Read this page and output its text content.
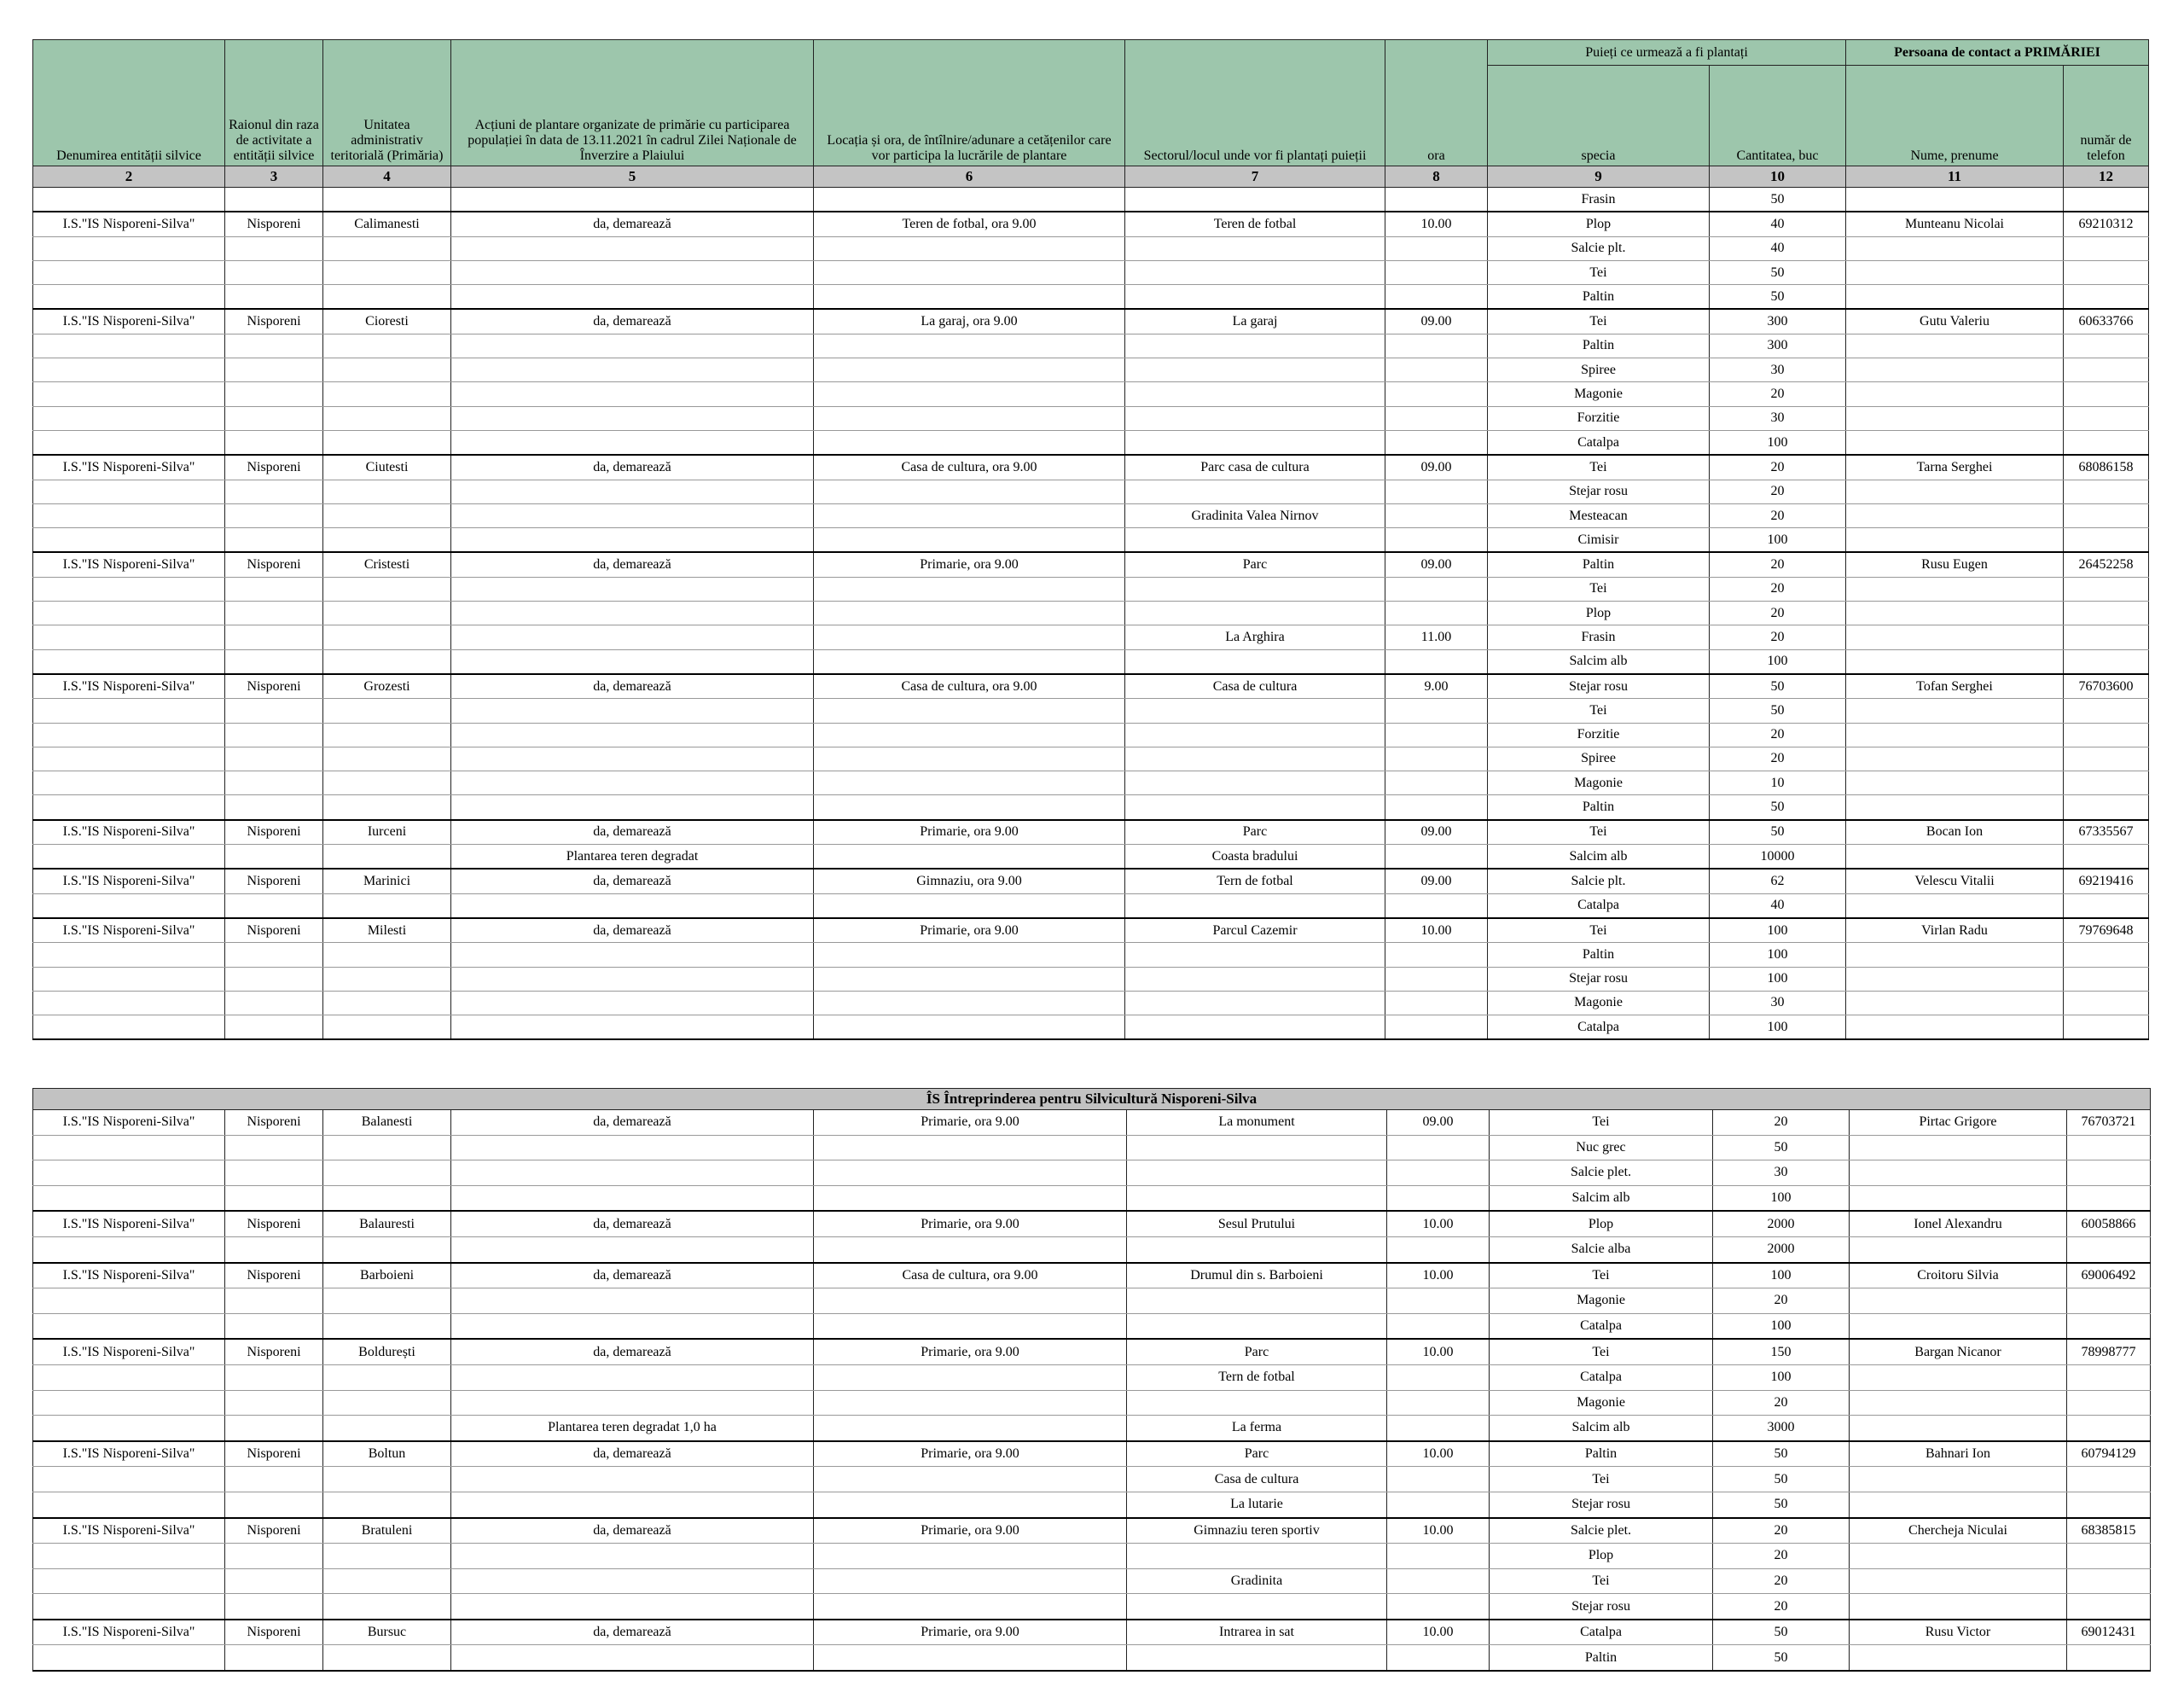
Denumirea entității silvice	Raionul din raza de activitate a entității silvice	Unitatea administrativ teritorială (Primăria)	Acțiuni de plantare organizate de primărie cu participarea populației în data de 13.11.2021 în cadrul Zilei Naționale de Înverzire a Plaiului	Locația și ora, de întîlnire/adunare a cetățenilor care vor participa la lucrările de plantare	Sectorul/locul unde vor fi plantați puieții	ora	Puieți ce urmează a fi plantați		Persoana de contact a PRIMĂRIEI	
							specia	Cantitatea, buc	Nume, prenume	număr de telefon
2	3	4	5	6	7	8	9	10	11	12
							Frasin	50		
I.S."IS Nisporeni-Silva"	Nisporeni	Calimanesti	da, demarează	Teren de fotbal, ora 9.00	Teren de fotbal	10.00	Plop	40	Munteanu Nicolai	69210312
							Salcie plt.	40		
							Tei	50		
							Paltin	50		
I.S."IS Nisporeni-Silva"	Nisporeni	Cioresti	da, demarează	La garaj, ora 9.00	La garaj	09.00	Tei	300	Gutu Valeriu	60633766
							Paltin	300		
							Spiree	30		
							Magonie	20		
							Forzitie	30		
							Catalpa	100		
I.S."IS Nisporeni-Silva"	Nisporeni	Ciutesti	da, demarează	Casa de cultura, ora 9.00	Parc casa de cultura	09.00	Tei	20	Tarna Serghei	68086158
							Stejar rosu	20		
					Gradinita Valea Nirnov		Mesteacan	20		
							Cimisir	100		
I.S."IS Nisporeni-Silva"	Nisporeni	Cristesti	da, demarează	Primarie, ora 9.00	Parc	09.00	Paltin	20	Rusu Eugen	26452258
							Tei	20		
							Plop	20		
					La Arghira	11.00	Frasin	20		
							Salcim alb	100		
I.S."IS Nisporeni-Silva"	Nisporeni	Grozesti	da, demarează	Casa de cultura, ora 9.00	Casa de cultura	9.00	Stejar rosu	50	Tofan Serghei	76703600
							Tei	50		
							Forzitie	20		
							Spiree	20		
							Magonie	10		
							Paltin	50		
I.S."IS Nisporeni-Silva"	Nisporeni	Iurceni	da, demarează	Primarie, ora 9.00	Parc	09.00	Tei	50	Bocan Ion	67335567
			Plantarea teren degradat		Coasta bradului		Salcim alb	10000		
I.S."IS Nisporeni-Silva"	Nisporeni	Marinici	da, demarează	Gimnaziu, ora 9.00	Tern de fotbal	09.00	Salcie plt.	62	Velescu Vitalii	69219416
							Catalpa	40		
I.S."IS Nisporeni-Silva"	Nisporeni	Milesti	da, demarează	Primarie, ora 9.00	Parcul Cazemir	10.00	Tei	100	Virlan Radu	79769648
							Paltin	100		
							Stejar rosu	100		
							Magonie	30		
							Catalpa	100		
ÎS Întreprinderea pentru Silvicultură Nisporeni-Silva										
I.S."IS Nisporeni-Silva"	Nisporeni	Balanesti	da, demarează	Primarie, ora 9.00	La monument	09.00	Tei	20	Pirtac Grigore	76703721
							Nuc grec	50		
							Salcie plet.	30		
							Salcim alb	100		
I.S."IS Nisporeni-Silva"	Nisporeni	Balauresti	da, demarează	Primarie, ora 9.00	Sesul Prutului	10.00	Plop	2000	Ionel Alexandru	60058866
							Salcie alba	2000		
I.S."IS Nisporeni-Silva"	Nisporeni	Barboieni	da, demarează	Casa de cultura, ora 9.00	Drumul din s. Barboieni	10.00	Tei	100	Croitoru Silvia	69006492
							Magonie	20		
							Catalpa	100		
I.S."IS Nisporeni-Silva"	Nisporeni	Boldurești	da, demarează	Primarie, ora 9.00	Parc	10.00	Tei	150	Bargan Nicanor	78998777
					Tern de fotbal		Catalpa	100		
							Magonie	20		
			Plantarea teren degradat 1,0 ha		La ferma		Salcim alb	3000		
I.S."IS Nisporeni-Silva"	Nisporeni	Boltun	da, demarează	Primarie, ora 9.00	Parc	10.00	Paltin	50	Bahnari Ion	60794129
					Casa de cultura		Tei	50		
					La lutarie		Stejar rosu	50		
I.S."IS Nisporeni-Silva"	Nisporeni	Bratuleni	da, demarează	Primarie, ora 9.00	Gimnaziu teren sportiv	10.00	Salcie plet.	20	Chercheja Niculai	68385815
							Plop	20		
					Gradinita		Tei	20		
							Stejar rosu	20		
I.S."IS Nisporeni-Silva"	Nisporeni	Bursuc	da, demarează	Primarie, ora 9.00	Intrarea in sat	10.00	Catalpa	50	Rusu Victor	69012431
							Paltin	50		
